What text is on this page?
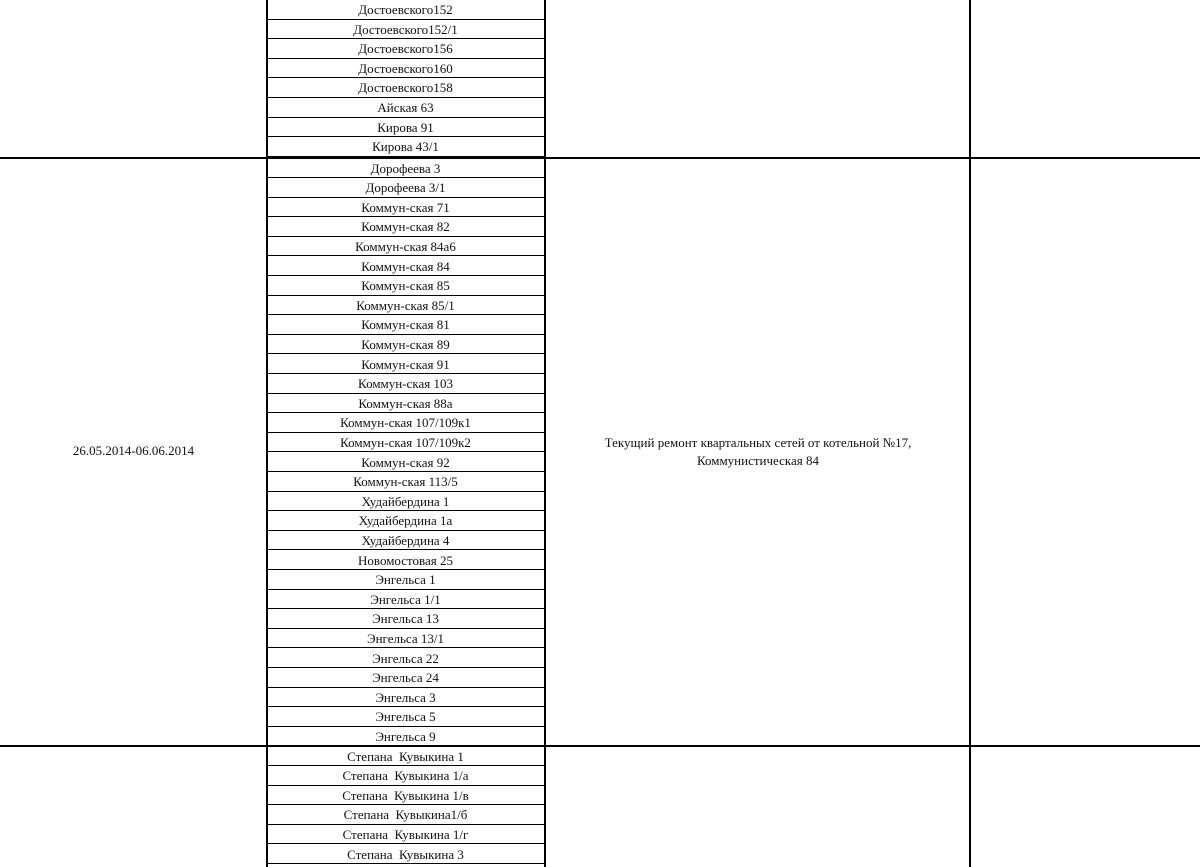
Достоевского152
Достоевского152/1
Достоевского156
Достоевского160
Достоевского158
Айская 63
Кирова 91
Кирова 43/1
Дорофеева 3
Дорофеева 3/1
Коммун-ская 71
Коммун-ская 82
Коммун-ская 84а6
Коммун-ская 84
Коммун-ская 85
Коммун-ская 85/1
Коммун-ская 81
Коммун-ская 89
Коммун-ская 91
Коммун-ская 103
Коммун-ская 88а
Коммун-ская 107/109к1
Коммун-ская 107/109к2
Коммун-ская 92
Коммун-ская 113/5
Худайбердина 1
Худайбердина 1а
Худайбердина 4
Новомостовая 25
Энгельса 1
Энгельса 1/1
Энгельса 13
Энгельса 13/1
Энгельса 22
Энгельса 24
Энгельса 3
Энгельса 5
Энгельса 9
Степана  Кувыкина 1
Степана  Кувыкина 1/а
Степана  Кувыкина 1/в
Степана  Кувыкина1/б
Степана  Кувыкина 1/г
Степана  Кувыкина 3
26.05.2014-06.06.2014
Текущий ремонт квартальных сетей от котельной №17,
Коммунистическая 84
